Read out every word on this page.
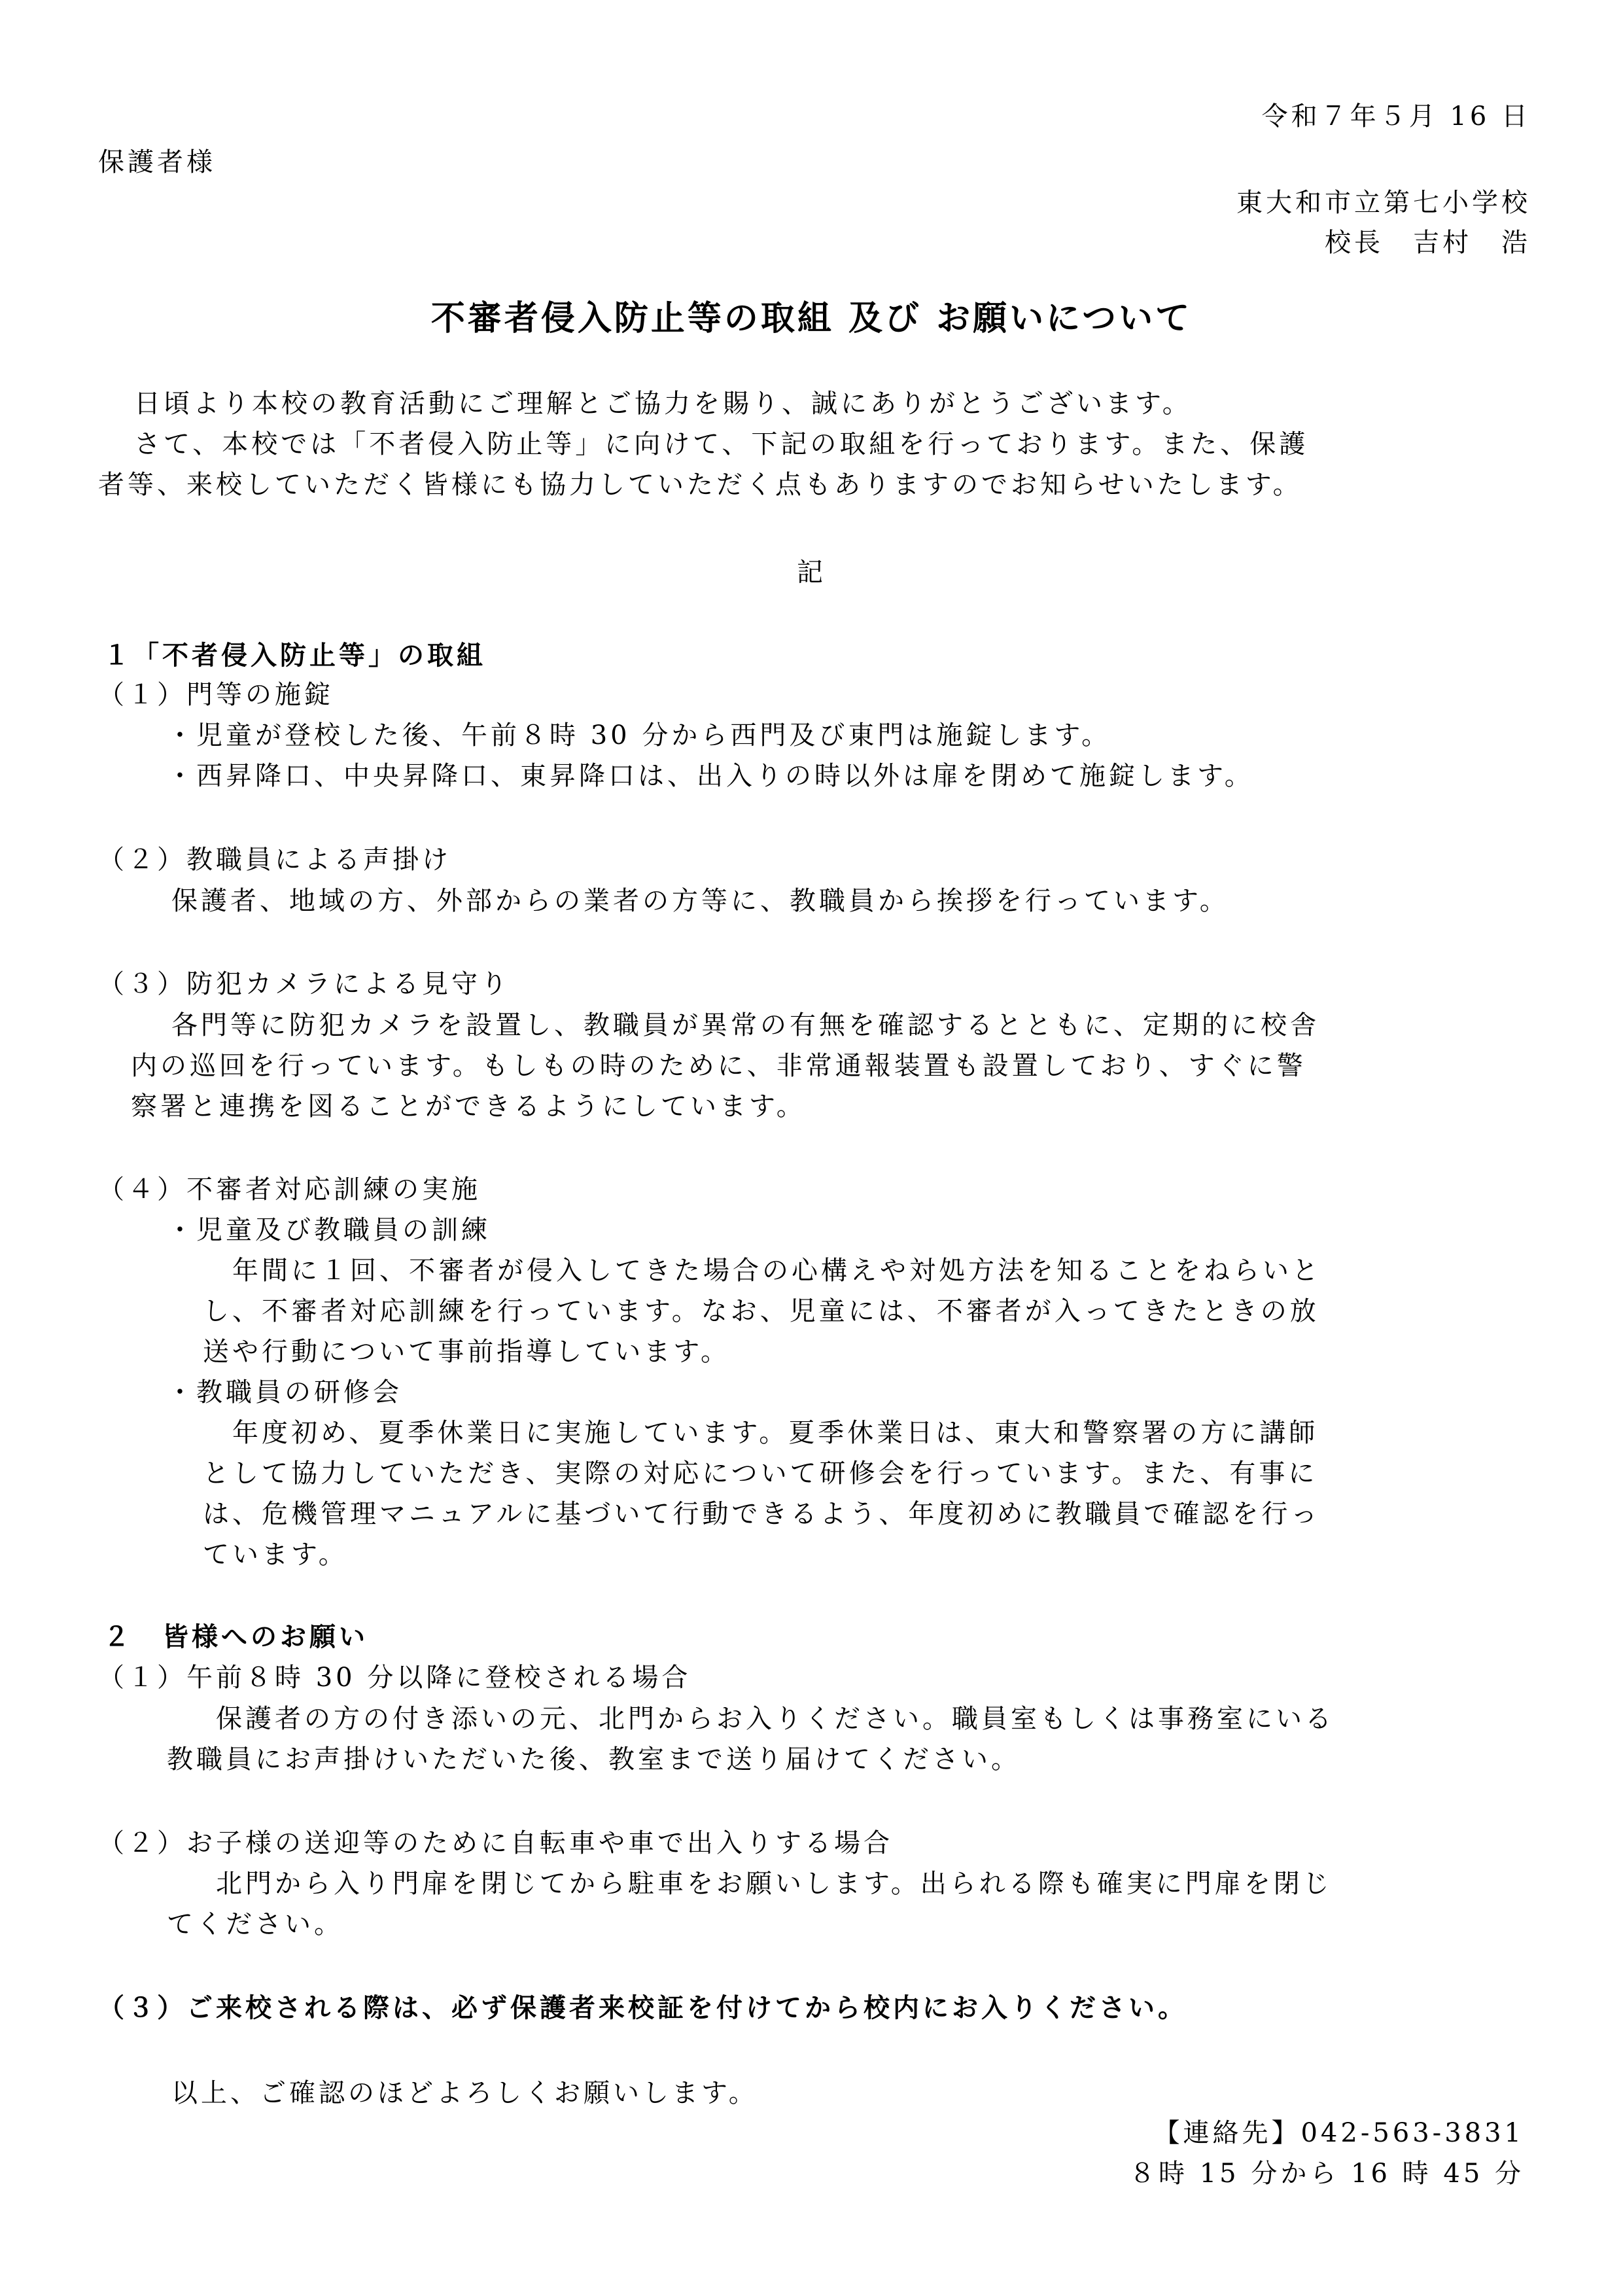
令和７年５月 16 日
保護者様
東大和市立第七小学校
校長　吉村　浩
不審者侵入防止等の取組 及び お願いについて
日頃より本校の教育活動にご理解とご協力を賜り、誠にありがとうございます。
さて、本校では「不者侵入防止等」に向けて、下記の取組を行っております。また、保護
者等、来校していただく皆様にも協力していただく点もありますのでお知らせいたします。
記
１「不者侵入防止等」の取組
（１）門等の施錠
・児童が登校した後、午前８時 30 分から西門及び東門は施錠します。
・西昇降口、中央昇降口、東昇降口は、出入りの時以外は扉を閉めて施錠します。
（２）教職員による声掛け
保護者、地域の方、外部からの業者の方等に、教職員から挨拶を行っています。
（３）防犯カメラによる見守り
各門等に防犯カメラを設置し、教職員が異常の有無を確認するとともに、定期的に校舎
内の巡回を行っています。もしもの時のために、非常通報装置も設置しており、すぐに警
察署と連携を図ることができるようにしています。
（４）不審者対応訓練の実施
・児童及び教職員の訓練
年間に１回、不審者が侵入してきた場合の心構えや対処方法を知ることをねらいと
し、不審者対応訓練を行っています。なお、児童には、不審者が入ってきたときの放
送や行動について事前指導しています。
・教職員の研修会
年度初め、夏季休業日に実施しています。夏季休業日は、東大和警察署の方に講師
として協力していただき、実際の対応について研修会を行っています。また、有事に
は、危機管理マニュアルに基づいて行動できるよう、年度初めに教職員で確認を行っ
ています。
２　皆様へのお願い
（１）午前８時 30 分以降に登校される場合
保護者の方の付き添いの元、北門からお入りください。職員室もしくは事務室にいる
教職員にお声掛けいただいた後、教室まで送り届けてください。
（２）お子様の送迎等のために自転車や車で出入りする場合
北門から入り門扉を閉じてから駐車をお願いします。出られる際も確実に門扉を閉じ
てください。
（３）ご来校される際は、必ず保護者来校証を付けてから校内にお入りください。
以上、ご確認のほどよろしくお願いします。
【連絡先】042-563-3831
８時 15 分から 16 時 45 分
